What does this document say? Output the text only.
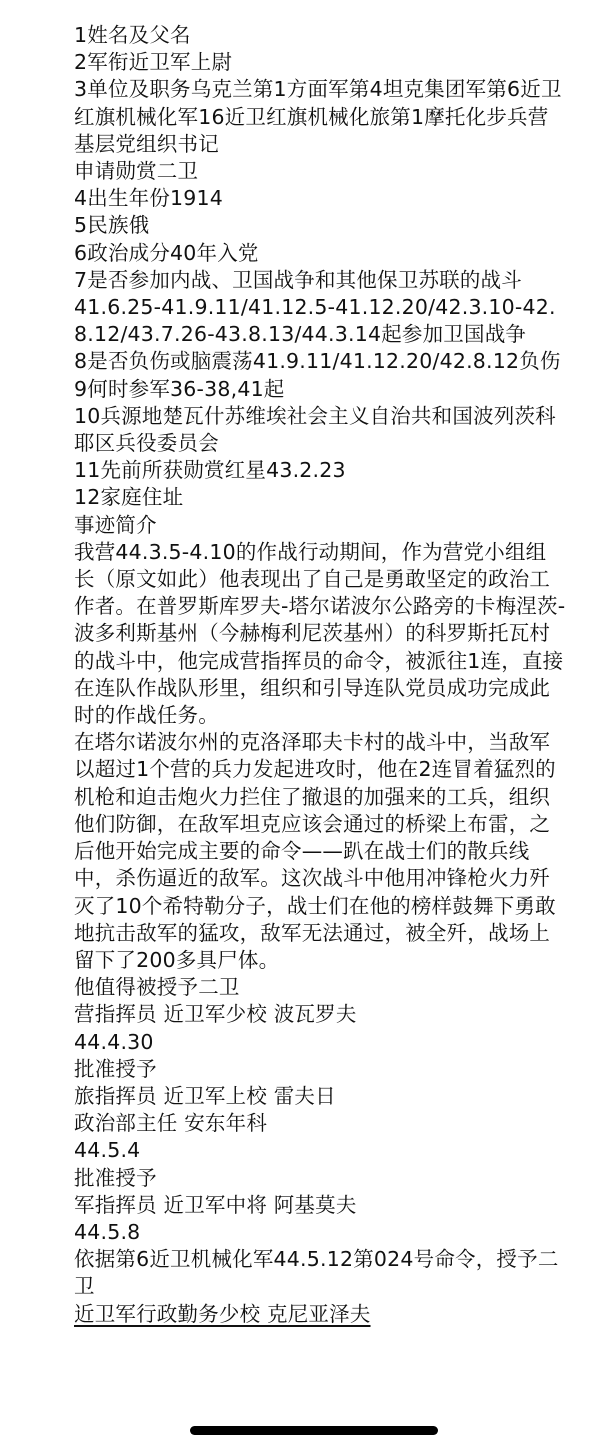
1姓名及父名

2军衔近卫军上尉

3单位及职务乌克兰第1方面军第4坦克集团军第6近卫红旗机械化军16近卫红旗机械化旅第1摩托化步兵营基层党组织书记

申请勋赏二卫

4出生年份1914

5民族俄

6政治成分40年入党

7是否参加内战、卫国战争和其他保卫苏联的战斗

41.6.25-41.9.11/41.12.5-41.12.20/42.3.10-42.8.12/43.7.26-43.8.13/44.3.14起参加卫国战争

8是否负伤或脑震荡41.9.11/41.12.20/42.8.12负伤

9何时参军36-38,41起

10兵源地楚瓦什苏维埃社会主义自治共和国波列茨科耶区兵役委员会

11先前所获勋赏红星43.2.23

12家庭住址

事迹简介

我营44.3.5-4.10的作战行动期间，作为营党小组组长（原文如此）他表现出了自己是勇敢坚定的政治工作者。在普罗斯库罗夫-塔尔诺波尔公路旁的卡梅涅茨-波多利斯基州（今赫梅利尼茨基州）的科罗斯托瓦村的战斗中，他完成营指挥员的命令，被派往1连，直接在连队作战队形里，组织和引导连队党员成功完成此时的作战任务。

在塔尔诺波尔州的克洛泽耶夫卡村的战斗中，当敌军以超过1个营的兵力发起进攻时，他在2连冒着猛烈的机枪和迫击炮火力拦住了撤退的加强来的工兵，组织他们防御，在敌军坦克应该会通过的桥梁上布雷，之后他开始完成主要的命令——趴在战士们的散兵线中，杀伤逼近的敌军。这次战斗中他用冲锋枪火力歼灭了10个希特勒分子，战士们在他的榜样鼓舞下勇敢地抗击敌军的猛攻，敌军无法通过，被全歼，战场上留下了200多具尸体。

他值得被授予二卫

营指挥员 近卫军少校 波瓦罗夫

44.4.30

批准授予

旅指挥员 近卫军上校 雷夫日

政治部主任 安东年科

44.5.4

批准授予

军指挥员 近卫军中将 阿基莫夫

44.5.8

依据第6近卫机械化军44.5.12第024号命令，授予二卫

近卫军行政勤务少校 克尼亚泽夫
